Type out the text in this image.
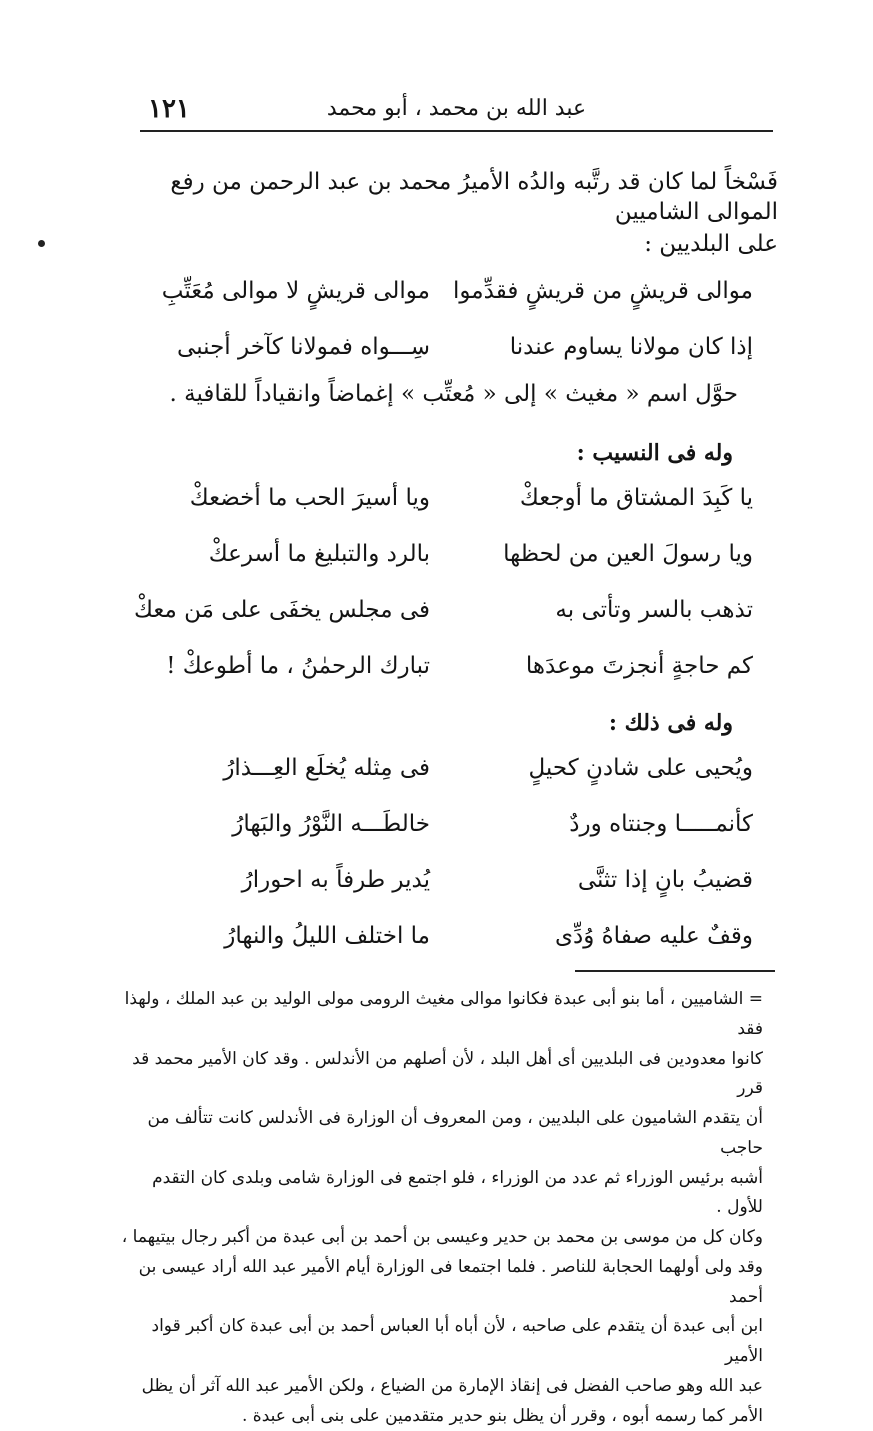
١٢١	عبد الله بن محمد ، أبو محمد
فَسْخاً لما كان قد رتَّبه والدُه الأميرُ محمد بن عبد الرحمن من رفع الموالى الشاميين
على البلديين :
موالى قريشٍ من قريشٍ فقدِّموا
موالى قريشٍ لا موالى مُعَتِّبِ
إذا كان مولانا يساوم عندنا
سِـــواه فمولانا كآخر أجنبى
حوَّل اسم « مغيث » إلى « مُعتِّب » إغماضاً وانقياداً للقافية .
وله فى النسيب :
يا كَبِدَ المشتاق ما أوجعكْ
ويا أسيرَ الحب ما أخضعكْ
ويا رسولَ العين من لحظها
بالرد والتبليغ ما أسرعكْ
تذهب بالسر وتأتى به
فى مجلس يخفَى على مَن معكْ
كم حاجةٍ أنجزتَ موعدَها
تبارك الرحمٰنُ ، ما أطوعكْ !
وله فى ذلك :
ويُحيى على شادنٍ كحيلٍ
فى مِثله يُخلَع العِـــذارُ
كأنمـــــا وجنتاه وردٌ
خالطَـــه النَّوْرُ والبَهارُ
قضيبُ بانٍ إذا تثنَّى
يُدير طرفاً به احورارُ
وقفٌ عليه صفاهُ وُدِّى
ما اختلف الليلُ والنهارُ

= الشاميين ، أما بنو أبى عبدة فكانوا موالى مغيث الرومى مولى الوليد بن عبد الملك ، ولهذا فقد

كانوا معدودين فى البلديين أى أهل البلد ، لأن أصلهم من الأندلس . وقد كان الأمير محمد قد قرر

أن يتقدم الشاميون على البلديين ، ومن المعروف أن الوزارة فى الأندلس كانت تتألف من حاجب

أشبه برئيس الوزراء ثم عدد من الوزراء ، فلو اجتمع فى الوزارة شامى وبلدى كان التقدم للأول .

وكان كل من موسى بن محمد بن حدير وعيسى بن أحمد بن أبى عبدة من أكبر رجال بيتيهما ،

وقد ولى أولهما الحجابة للناصر . فلما اجتمعا فى الوزارة أيام الأمير عبد الله أراد عيسى بن أحمد

ابن أبى عبدة أن يتقدم على صاحبه ، لأن أباه أبا العباس أحمد بن أبى عبدة كان أكبر قواد الأمير

عبد الله وهو صاحب الفضل فى إنقاذ الإمارة من الضياع ، ولكن الأمير عبد الله آثر أن يظل

الأمر كما رسمه أبوه ، وقرر أن يظل بنو حدير متقدمين على بنى أبى عبدة .
